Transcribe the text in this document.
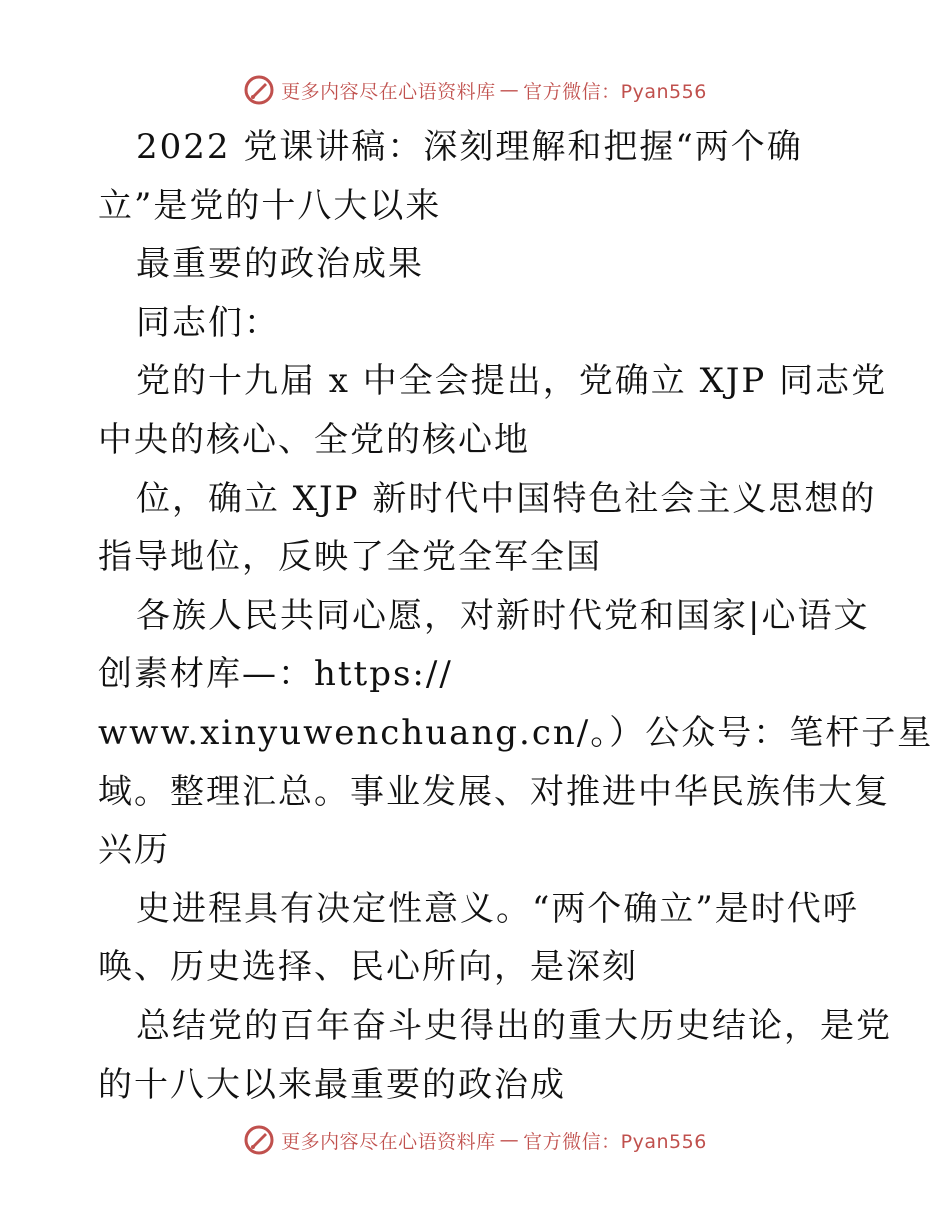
更多内容尽在心语资料库 — 官方微信：Pyan556
2022 党课讲稿：深刻理解和把握“两个确
立”是党的十八大以来
最重要的政治成果
同志们：
党的十九届 x 中全会提出，党确立 XJP 同志党
中央的核心、全党的核心地
位，确立 XJP 新时代中国特色社会主义思想的
指导地位，反映了全党全军全国
各族人民共同心愿，对新时代党和国家|心语文
创素材库—：https://
www.xinyuwenchuang.cn/。）公众号：笔杆子星
域。整理汇总。事业发展、对推进中华民族伟大复
兴历
史进程具有决定性意义。“两个确立”是时代呼
唤、历史选择、民心所向，是深刻
总结党的百年奋斗史得出的重大历史结论，是党
的十八大以来最重要的政治成
更多内容尽在心语资料库 — 官方微信：Pyan556
